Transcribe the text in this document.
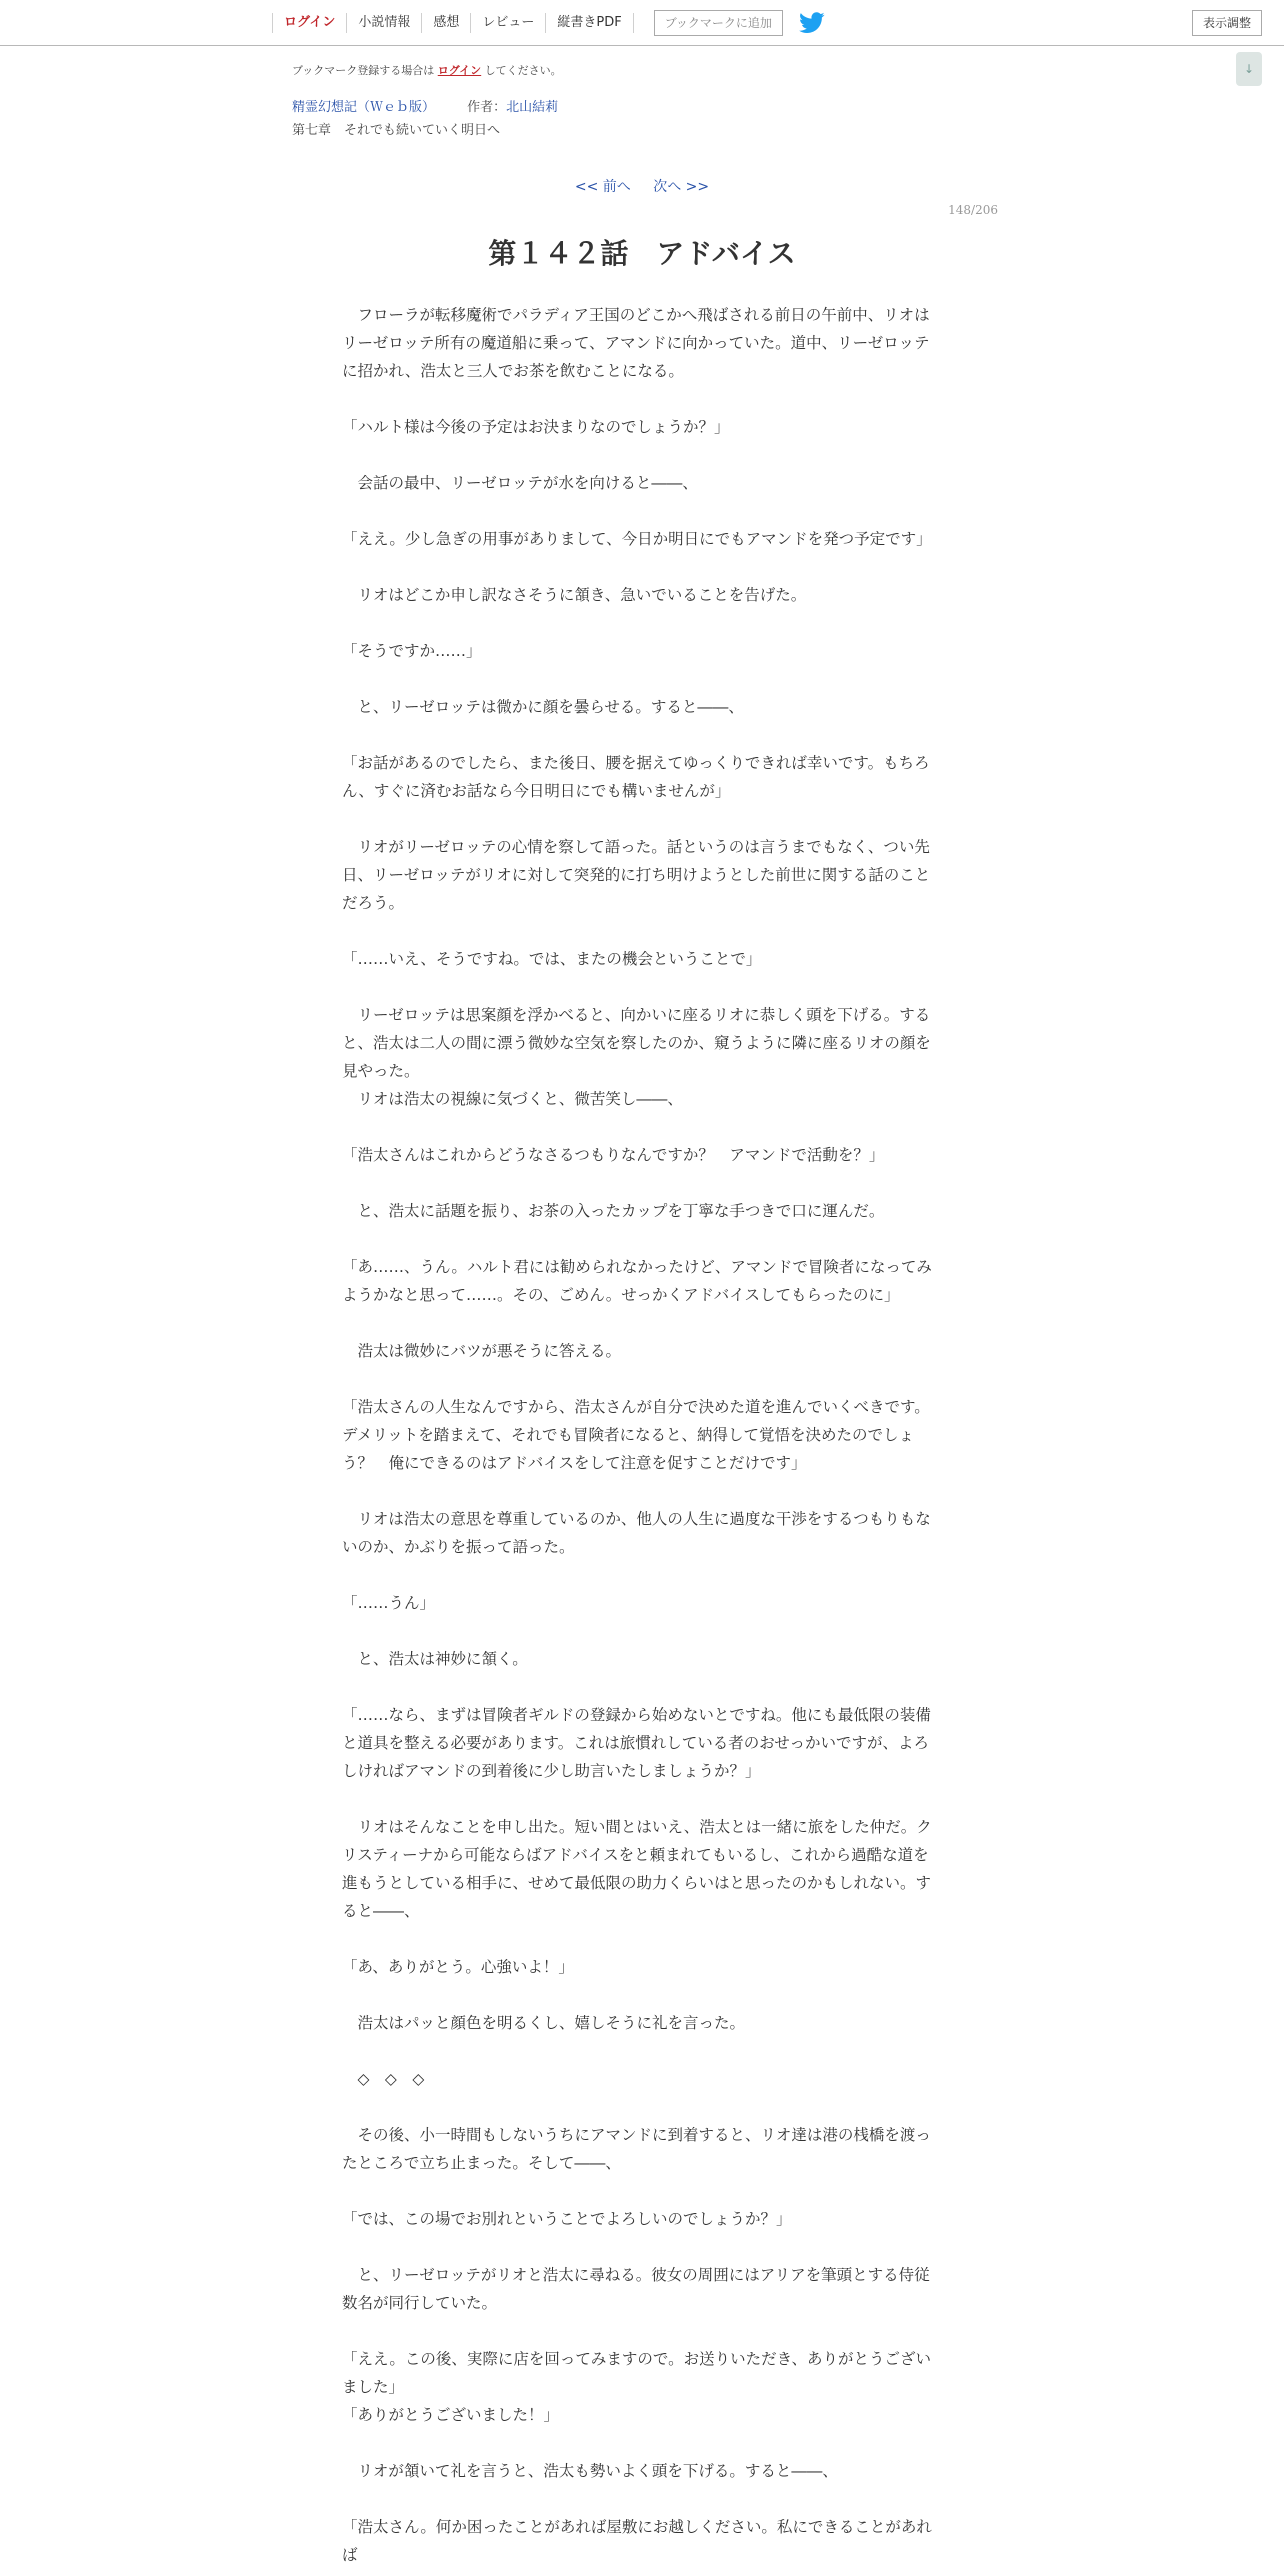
ログイン	小説情報	感想	レビュー	縦書きPDF	ブックマークに追加	表示調整
↓
ブックマーク登録する場合は ログイン してください。
精霊幻想記（Ｗｅｂ版） 作者：北山結莉
第七章　それでも続いていく明日へ
<< 前へ 次へ >>
148/206
第１４２話　アドバイス

　フローラが転移魔術でパラディア王国のどこかへ飛ばされる前日の午前中、リオはリーゼロッテ所有の魔道船に乗って、アマンドに向かっていた。道中、リーゼロッテに招かれ、浩太と三人でお茶を飲むことになる。

「ハルト様は今後の予定はお決まりなのでしょうか？」

　会話の最中、リーゼロッテが水を向けると――、

「ええ。少し急ぎの用事がありまして、今日か明日にでもアマンドを発つ予定です」

　リオはどこか申し訳なさそうに頷き、急いでいることを告げた。

「そうですか……」

　と、リーゼロッテは微かに顔を曇らせる。すると――、

「お話があるのでしたら、また後日、腰を据えてゆっくりできれば幸いです。もちろん、すぐに済むお話なら今日明日にでも構いませんが」

　リオがリーゼロッテの心情を察して語った。話というのは言うまでもなく、つい先日、リーゼロッテがリオに対して突発的に打ち明けようとした前世に関する話のことだろう。

「……いえ、そうですね。では、またの機会ということで」

　リーゼロッテは思案顔を浮かべると、向かいに座るリオに恭しく頭を下げる。すると、浩太は二人の間に漂う微妙な空気を察したのか、窺うように隣に座るリオの顔を見やった。

　リオは浩太の視線に気づくと、微苦笑し――、

「浩太さんはこれからどうなさるつもりなんですか？　アマンドで活動を？」

　と、浩太に話題を振り、お茶の入ったカップを丁寧な手つきで口に運んだ。

「あ……、うん。ハルト君には勧められなかったけど、アマンドで冒険者になってみようかなと思って……。その、ごめん。せっかくアドバイスしてもらったのに」

　浩太は微妙にバツが悪そうに答える。

「浩太さんの人生なんですから、浩太さんが自分で決めた道を進んでいくべきです。デメリットを踏まえて、それでも冒険者になると、納得して覚悟を決めたのでしょう？　俺にできるのはアドバイスをして注意を促すことだけです」

　リオは浩太の意思を尊重しているのか、他人の人生に過度な干渉をするつもりもないのか、かぶりを振って語った。

「……うん」

　と、浩太は神妙に頷く。

「……なら、まずは冒険者ギルドの登録から始めないとですね。他にも最低限の装備と道具を整える必要があります。これは旅慣れしている者のおせっかいですが、よろしければアマンドの到着後に少し助言いたしましょうか？」

　リオはそんなことを申し出た。短い間とはいえ、浩太とは一緒に旅をした仲だ。クリスティーナから可能ならばアドバイスをと頼まれてもいるし、これから過酷な道を進もうとしている相手に、せめて最低限の助力くらいはと思ったのかもしれない。すると――、

「あ、ありがとう。心強いよ！」

　浩太はパッと顔色を明るくし、嬉しそうに礼を言った。

　◇　◇　◇

　その後、小一時間もしないうちにアマンドに到着すると、リオ達は港の桟橋を渡ったところで立ち止まった。そして――、

「では、この場でお別れということでよろしいのでしょうか？」

　と、リーゼロッテがリオと浩太に尋ねる。彼女の周囲にはアリアを筆頭とする侍従数名が同行していた。

「ええ。この後、実際に店を回ってみますので。お送りいただき、ありがとうございました」

「ありがとうございました！」

　リオが頷いて礼を言うと、浩太も勢いよく頭を下げる。すると――、

「浩太さん。何か困ったことがあれば屋敷にお越しください。私にできることがあれば
